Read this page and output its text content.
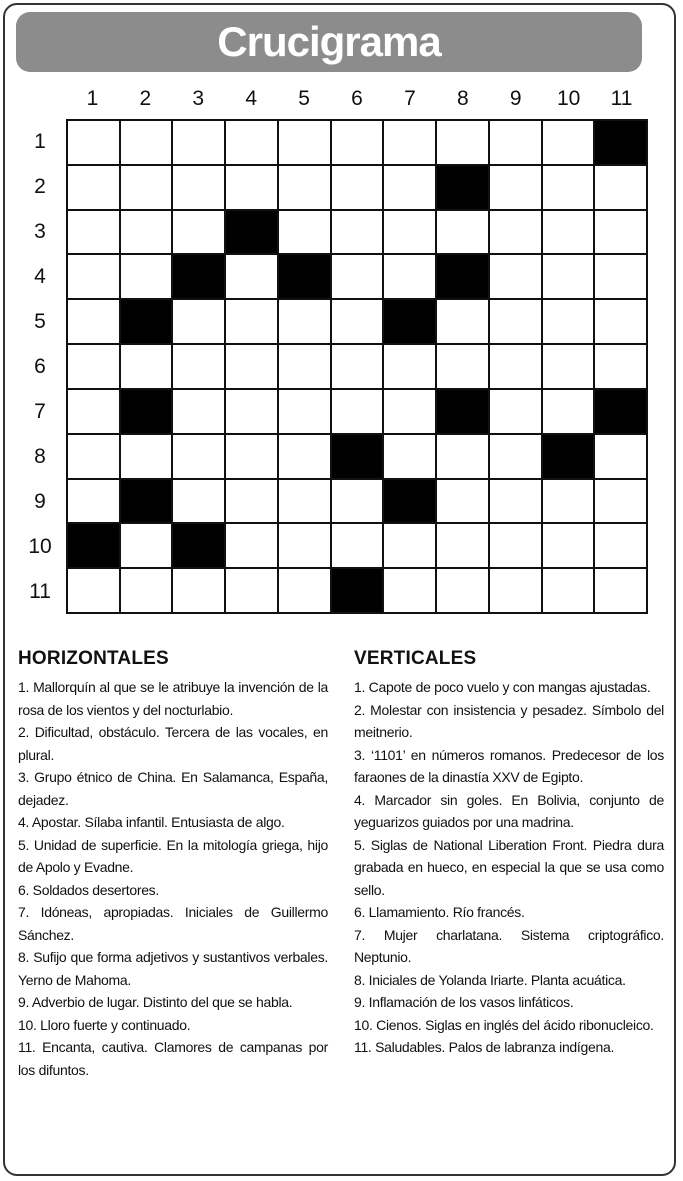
Crucigrama
1	2	3	4	5	6	7	8	9	10	11
1
2
3
4
5
6
7
8
9
10
11
HORIZONTALES
1. Mallorquín al que se le atribuye la invención de la rosa de los vientos y del nocturlabio.
2. Dificultad, obstáculo. Tercera de las vocales, en plural.
3. Grupo étnico de China. En Salamanca, España, dejadez.
4. Apostar. Sílaba infantil. Entusiasta de algo.
5. Unidad de superficie. En la mitología griega, hijo de Apolo y Evadne.
6. Soldados desertores.
7. Idóneas, apropiadas. Iniciales de Guillermo Sánchez.
8. Sufijo que forma adjetivos y sustantivos verbales. Yerno de Mahoma.
9. Adverbio de lugar. Distinto del que se habla.
10. Lloro fuerte y continuado.
11. Encanta, cautiva. Clamores de campanas por los difuntos.
VERTICALES
1. Capote de poco vuelo y con mangas ajustadas.
2. Molestar con insistencia y pesadez. Símbolo del meitnerio.
3. ‘1101’ en números romanos. Predecesor de los faraones de la dinastía XXV de Egipto.
4. Marcador sin goles. En Bolivia, conjunto de yeguarizos guiados por una madrina.
5. Siglas de National Liberation Front. Piedra dura grabada en hueco, en especial la que se usa como sello.
6. Llamamiento. Río francés.
7. Mujer charlatana. Sistema criptográfico. Neptunio.
8. Iniciales de Yolanda Iriarte. Planta acuática.
9. Inflamación de los vasos linfáticos.
10. Cienos. Siglas en inglés del ácido ribonucleico.
11. Saludables. Palos de labranza indígena.
